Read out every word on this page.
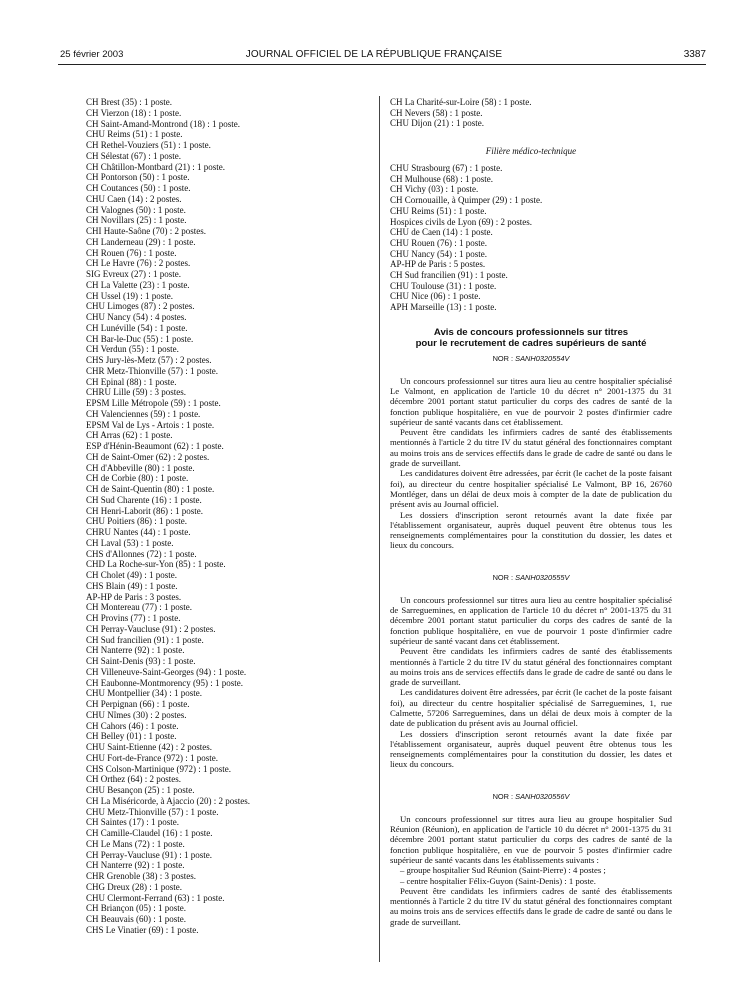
25 février 2003	JOURNAL OFFICIEL DE LA RÉPUBLIQUE FRANÇAISE	3387
CH Brest (35) : 1 poste.
CH Vierzon (18) : 1 poste.
CH Saint-Amand-Montrond (18) : 1 poste.
CHU Reims (51) : 1 poste.
CH Rethel-Vouziers (51) : 1 poste.
CH Sélestat (67) : 1 poste.
CH Châtillon-Montbard (21) : 1 poste.
CH Pontorson (50) : 1 poste.
CH Coutances (50) : 1 poste.
CHU Caen (14) : 2 postes.
CH Valognes (50) : 1 poste.
CH Novillars (25) : 1 poste.
CHI Haute-Saône (70) : 2 postes.
CH Landerneau (29) : 1 poste.
CH Rouen (76) : 1 poste.
CH Le Havre (76) : 2 postes.
SIG Evreux (27) : 1 poste.
CH La Valette (23) : 1 poste.
CH Ussel (19) : 1 poste.
CHU Limoges (87) : 2 postes.
CHU Nancy (54) : 4 postes.
CH Lunéville (54) : 1 poste.
CH Bar-le-Duc (55) : 1 poste.
CH Verdun (55) : 1 poste.
CHS Jury-lès-Metz (57) : 2 postes.
CHR Metz-Thionville (57) : 1 poste.
CH Epinal (88) : 1 poste.
CHRU Lille (59) : 3 postes.
EPSM Lille Métropole (59) : 1 poste.
CH Valenciennes (59) : 1 poste.
EPSM Val de Lys - Artois : 1 poste.
CH Arras (62) : 1 poste.
ESP d'Hénin-Beaumont (62) : 1 poste.
CH de Saint-Omer (62) : 2 postes.
CH d'Abbeville (80) : 1 poste.
CH de Corbie (80) : 1 poste.
CH de Saint-Quentin (80) : 1 poste.
CH Sud Charente (16) : 1 poste.
CH Henri-Laborit (86) : 1 poste.
CHU Poitiers (86) : 1 poste.
CHRU Nantes (44) : 1 poste.
CH Laval (53) : 1 poste.
CHS d'Allonnes (72) : 1 poste.
CHD La Roche-sur-Yon (85) : 1 poste.
CH Cholet (49) : 1 poste.
CHS Blain (49) : 1 poste.
AP-HP de Paris : 3 postes.
CH Montereau (77) : 1 poste.
CH Provins (77) : 1 poste.
CH Perray-Vaucluse (91) : 2 postes.
CH Sud francilien (91) : 1 poste.
CH Nanterre (92) : 1 poste.
CH Saint-Denis (93) : 1 poste.
CH Villeneuve-Saint-Georges (94) : 1 poste.
CH Eaubonne-Montmorency (95) : 1 poste.
CHU Montpellier (34) : 1 poste.
CH Perpignan (66) : 1 poste.
CHU Nîmes (30) : 2 postes.
CH Cahors (46) : 1 poste.
CH Belley (01) : 1 poste.
CHU Saint-Etienne (42) : 2 postes.
CHU Fort-de-France (972) : 1 poste.
CHS Colson-Martinique (972) : 1 poste.
CH Orthez (64) : 2 postes.
CHU Besançon (25) : 1 poste.
CH La Miséricorde, à Ajaccio (20) : 2 postes.
CHU Metz-Thionville (57) : 1 poste.
CH Saintes (17) : 1 poste.
CH Camille-Claudel (16) : 1 poste.
CH Le Mans (72) : 1 poste.
CH Perray-Vaucluse (91) : 1 poste.
CH Nanterre (92) : 1 poste.
CHR Grenoble (38) : 3 postes.
CHG Dreux (28) : 1 poste.
CHU Clermont-Ferrand (63) : 1 poste.
CH Briançon (05) : 1 poste.
CH Beauvais (60) : 1 poste.
CHS Le Vinatier (69) : 1 poste.
CH La Charité-sur-Loire (58) : 1 poste.
CH Nevers (58) : 1 poste.
CHU Dijon (21) : 1 poste.
Filière médico-technique
CHU Strasbourg (67) : 1 poste.
CH Mulhouse (68) : 1 poste.
CH Vichy (03) : 1 poste.
CH Cornouaille, à Quimper (29) : 1 poste.
CHU Reims (51) : 1 poste.
Hospices civils de Lyon (69) : 2 postes.
CHU de Caen (14) : 1 poste.
CHU Rouen (76) : 1 poste.
CHU Nancy (54) : 1 poste.
AP-HP de Paris : 5 postes.
CH Sud francilien (91) : 1 poste.
CHU Toulouse (31) : 1 poste.
CHU Nice (06) : 1 poste.
APH Marseille (13) : 1 poste.
Avis de concours professionnels sur titres
pour le recrutement de cadres supérieurs de santé
NOR : SANH0320554V

Un concours professionnel sur titres aura lieu au centre hospitalier spécialisé Le Valmont, en application de l'article 10 du décret n° 2001-1375 du 31 décembre 2001 portant statut particulier du corps des cadres de santé de la fonction publique hospitalière, en vue de pourvoir 2 postes d'infirmier cadre supérieur de santé vacants dans cet établissement.

Peuvent être candidats les infirmiers cadres de santé des établissements mentionnés à l'article 2 du titre IV du statut général des fonctionnaires comptant au moins trois ans de services effectifs dans le grade de cadre de santé ou dans le grade de surveillant.

Les candidatures doivent être adressées, par écrit (le cachet de la poste faisant foi), au directeur du centre hospitalier spécialisé Le Valmont, BP 16, 26760 Montléger, dans un délai de deux mois à compter de la date de publication du présent avis au Journal officiel.

Les dossiers d'inscription seront retournés avant la date fixée par l'établissement organisateur, auprès duquel peuvent être obtenus tous les renseignements complémentaires pour la constitution du dossier, les dates et lieux du concours.

NOR : SANH0320555V

Un concours professionnel sur titres aura lieu au centre hospitalier spécialisé de Sarreguemines, en application de l'article 10 du décret n° 2001-1375 du 31 décembre 2001 portant statut particulier du corps des cadres de santé de la fonction publique hospitalière, en vue de pourvoir 1 poste d'infirmier cadre supérieur de santé vacant dans cet établissement.

Peuvent être candidats les infirmiers cadres de santé des établissements mentionnés à l'article 2 du titre IV du statut général des fonctionnaires comptant au moins trois ans de services effectifs dans le grade de cadre de santé ou dans le grade de surveillant.

Les candidatures doivent être adressées, par écrit (le cachet de la poste faisant foi), au directeur du centre hospitalier spécialisé de Sarreguemines, 1, rue Calmette, 57206 Sarreguemines, dans un délai de deux mois à compter de la date de publication du présent avis au Journal officiel.

Les dossiers d'inscription seront retournés avant la date fixée par l'établissement organisateur, auprès duquel peuvent être obtenus tous les renseignements complémentaires pour la constitution du dossier, les dates et lieux du concours.

NOR : SANH0320556V

Un concours professionnel sur titres aura lieu au groupe hospitalier Sud Réunion (Réunion), en application de l'article 10 du décret n° 2001-1375 du 31 décembre 2001 portant statut particulier du corps des cadres de santé de la fonction publique hospitalière, en vue de pourvoir 5 postes d'infirmier cadre supérieur de santé vacants dans les établissements suivants :

– groupe hospitalier Sud Réunion (Saint-Pierre) : 4 postes ;

– centre hospitalier Félix-Guyon (Saint-Denis) : 1 poste.

Peuvent être candidats les infirmiers cadres de santé des établissements mentionnés à l'article 2 du titre IV du statut général des fonctionnaires comptant au moins trois ans de services effectifs dans le grade de cadre de santé ou dans le grade de surveillant.
